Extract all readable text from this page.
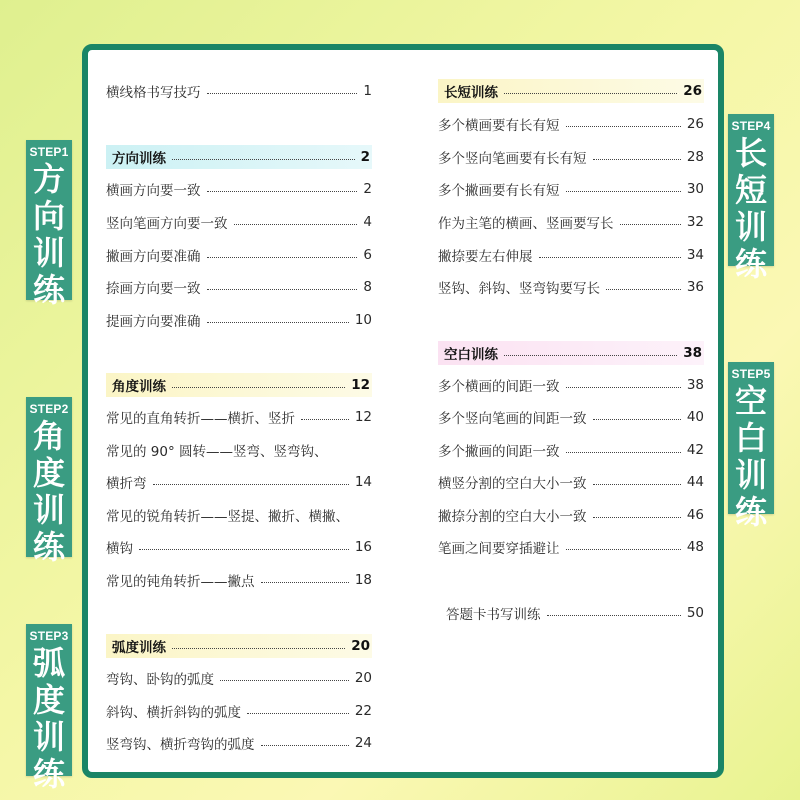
横线格书写技巧	1
方向训练	2
横画方向要一致	2
竖向笔画方向要一致	4
撇画方向要准确	6
捺画方向要一致	8
提画方向要准确	10
角度训练	12
常见的直角转折——横折、竖折	12
常见的 90° 圆转——竖弯、竖弯钩、
横折弯	14
常见的锐角转折——竖提、撇折、横撇、
横钩	16
常见的钝角转折——撇点	18
弧度训练	20
弯钩、卧钩的弧度	20
斜钩、横折斜钩的弧度	22
竖弯钩、横折弯钩的弧度	24
长短训练	26
多个横画要有长有短	26
多个竖向笔画要有长有短	28
多个撇画要有长有短	30
作为主笔的横画、竖画要写长	32
撇捺要左右伸展	34
竖钩、斜钩、竖弯钩要写长	36
空白训练	38
多个横画的间距一致	38
多个竖向笔画的间距一致	40
多个撇画的间距一致	42
横竖分割的空白大小一致	44
撇捺分割的空白大小一致	46
笔画之间要穿插避让	48
答题卡书写训练	50
STEP1
方向训练
STEP2
角度训练
STEP3
弧度训练
STEP4
长短训练
STEP5
空白训练
